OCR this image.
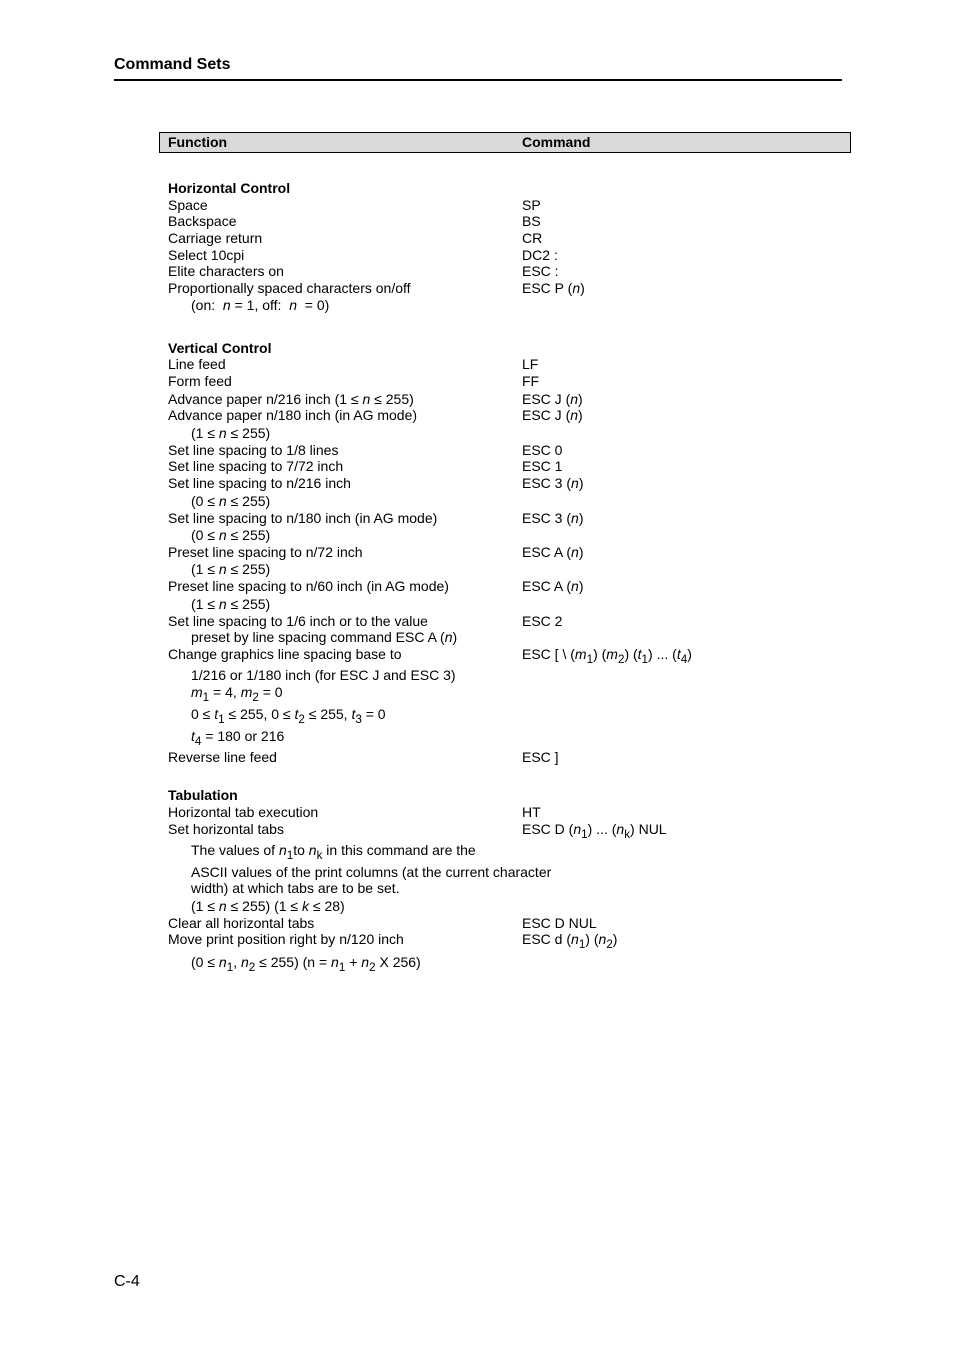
Command Sets
Function	Command
Horizontal Control
Space	SP
Backspace	BS
Carriage return	CR
Select 10cpi	DC2 :
Elite characters on	ESC :
Proportionally spaced characters on/off	ESC P (n)
(on:  n = 1, off:  n  = 0)
Vertical Control
Line feed	LF
Form feed	FF
Advance paper n/216 inch (1 ≤ n ≤ 255)	ESC J (n)
Advance paper n/180 inch (in AG mode)	ESC J (n)
(1 ≤ n ≤ 255)
Set line spacing to 1/8 lines	ESC 0
Set line spacing to 7/72 inch	ESC 1
Set line spacing to n/216 inch	ESC 3 (n)
(0 ≤ n ≤ 255)
Set line spacing to n/180 inch (in AG mode)	ESC 3 (n)
(0 ≤ n ≤ 255)
Preset line spacing to n/72 inch	ESC A (n)
(1 ≤ n ≤ 255)
Preset line spacing to n/60 inch (in AG mode)	ESC A (n)
(1 ≤ n ≤ 255)
Set line spacing to 1/6 inch or to the value	ESC 2
preset by line spacing command ESC A (n)
Change graphics line spacing base to	ESC [ \ $(m_1)$ $(m_2)$ $(t_1)$ ... $(t_4)$
1/216 or 1/180 inch (for ESC J and ESC 3)
$m_1 = 4$, $m_2 = 0$
$0 \le t_1 \le 255$, $0 \le t_2 \le 255$, $t_3 = 0$
$t_4 = 180$ or 216
Reverse line feed	ESC ]
Tabulation
Horizontal tab execution	HT
Set horizontal tabs	ESC D $(n_1)$ ... $(n_k)$ NUL
The values of $n_1to$ $n_k$ in this command are the
ASCII values of the print columns (at the current character
width) at which tabs are to be set.
(1 ≤ n ≤ 255) (1 ≤ k ≤ 28)
Clear all horizontal tabs	ESC D NUL
Move print position right by n/120 inch	ESC d $(n_1)$ $(n_2)$
($0 \le n_1$, $n_2 \le 255$) ($n = n_1 + n_2$ X 256)
C-4
